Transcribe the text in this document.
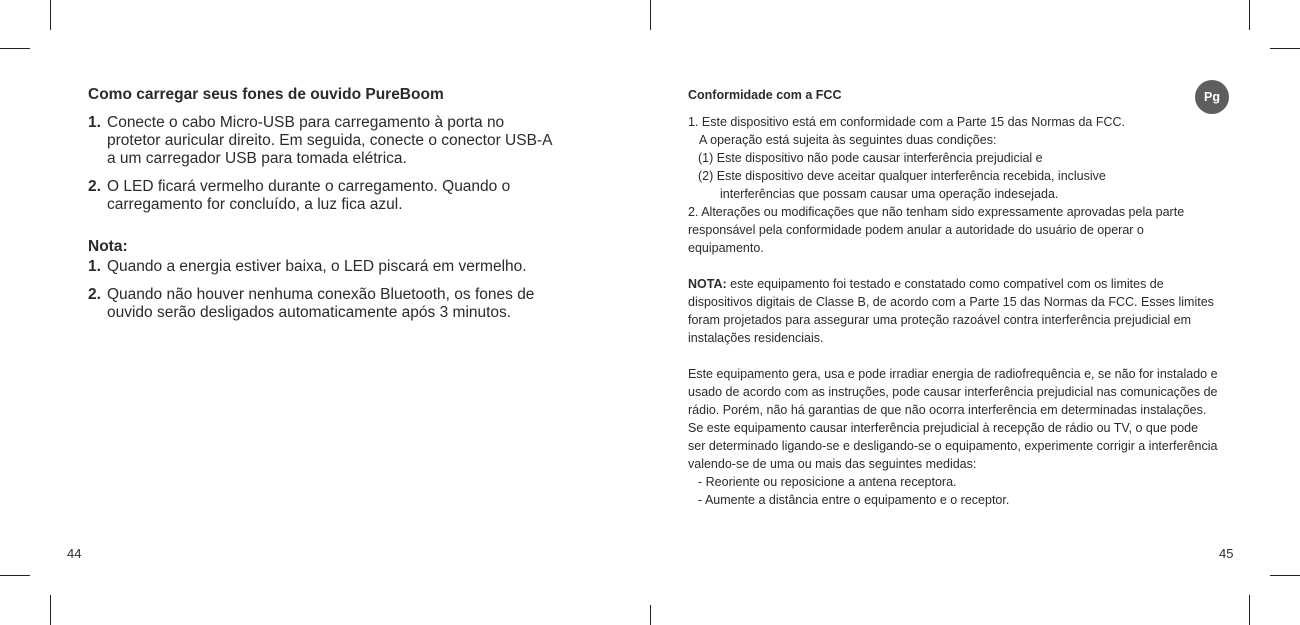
Como carregar seus fones de ouvido PureBoom
1. Conecte o cabo Micro-USB para carregamento à porta no protetor auricular direito. Em seguida, conecte o conector USB-A a um carregador USB para tomada elétrica.
2. O LED ficará vermelho durante o carregamento. Quando o carregamento for concluído, a luz fica azul.
Nota:
1. Quando a energia estiver baixa, o LED piscará em vermelho.
2. Quando não houver nenhuma conexão Bluetooth, os fones de ouvido serão desligados automaticamente após 3 minutos.
Conformidade com a FCC

1. Este dispositivo está em conformidade com a Parte 15 das Normas da FCC.

A operação está sujeita às seguintes duas condições:

(1) Este dispositivo não pode causar interferência prejudicial e

(2) Este dispositivo deve aceitar qualquer interferência recebida, inclusive

interferências que possam causar uma operação indesejada.

2. Alterações ou modificações que não tenham sido expressamente aprovadas pela parte responsável pela conformidade podem anular a autoridade do usuário de operar o equipamento.

NOTA: este equipamento foi testado e constatado como compatível com os limites de dispositivos digitais de Classe B, de acordo com a Parte 15 das Normas da FCC. Esses limites foram projetados para assegurar uma proteção razoável contra interferência prejudicial em instalações residenciais.

Este equipamento gera, usa e pode irradiar energia de radiofrequência e, se não for instalado e usado de acordo com as instruções, pode causar interferência prejudicial nas comunicações de rádio. Porém, não há garantias de que não ocorra interferência em determinadas instalações. Se este equipamento causar interferência prejudicial à recepção de rádio ou TV, o que pode ser determinado ligando-se e desligando-se o equipamento, experimente corrigir a interferência valendo-se de uma ou mais das seguintes medidas:

- Reoriente ou reposicione a antena receptora.

- Aumente a distância entre o equipamento e o receptor.

Pg
44	45
